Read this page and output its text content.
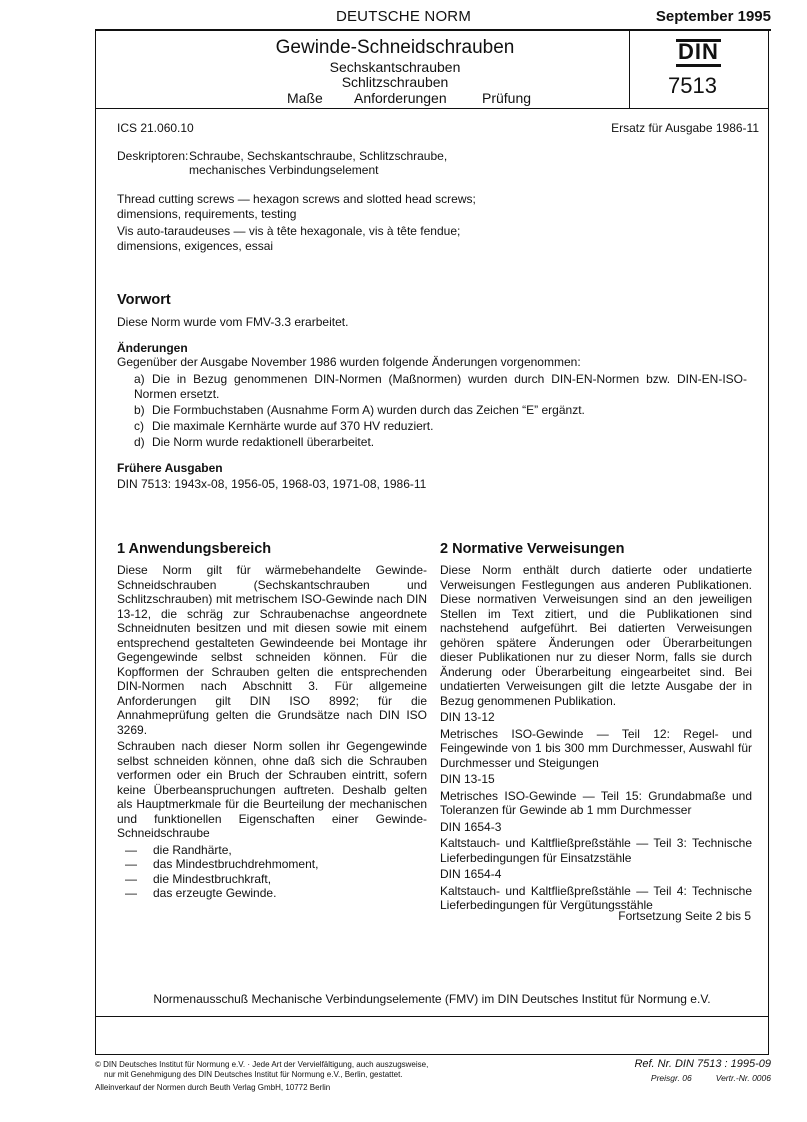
DEUTSCHE NORM	September 1995
Gewinde-Schneidschrauben
Sechskantschrauben
Schlitzschrauben
Maße Anforderungen	Prüfung
DIN
7513
ICS 21.060.10	Ersatz für Ausgabe 1986-11
Deskriptoren: Schraube, Sechskantschraube, Schlitzschraube,
mechanisches Verbindungselement
Thread cutting screws — hexagon screws and slotted head screws;
dimensions, requirements, testing
Vis auto-taraudeuses — vis à tête hexagonale, vis à tête fendue;
dimensions, exigences, essai
Vorwort
Diese Norm wurde vom FMV-3.3 erarbeitet.
Änderungen
Gegenüber der Ausgabe November 1986 wurden folgende Änderungen vorgenommen:
a) Die in Bezug genommenen DIN-Normen (Maßnormen) wurden durch DIN-EN-Normen bzw. DIN-EN-ISO-
Normen ersetzt.
b) Die Formbuchstaben (Ausnahme Form A) wurden durch das Zeichen “E” ergänzt.
c) Die maximale Kernhärte wurde auf 370 HV reduziert.
d) Die Norm wurde redaktionell überarbeitet.
Frühere Ausgaben
DIN 7513: 1943x-08, 1956-05, 1968-03, 1971-08, 1986-11
1 Anwendungsbereich

Diese Norm gilt für wärmebehandelte Gewinde-Schneidschrauben (Sechskantschrauben und Schlitzschrauben) mit metrischem ISO-Gewinde nach DIN 13-12, die schräg zur Schraubenachse angeordnete Schneidnuten besitzen und mit diesen sowie mit einem entsprechend gestalteten Gewindeende bei Montage ihr Gegengewinde selbst schneiden können. Für die Kopfformen der Schrauben gelten die entsprechenden DIN-Normen nach Abschnitt 3. Für allgemeine Anforderungen gilt DIN ISO 8992; für die Annahmeprüfung gelten die Grundsätze nach DIN ISO 3269.

Schrauben nach dieser Norm sollen ihr Gegengewinde selbst schneiden können, ohne daß sich die Schrauben verformen oder ein Bruch der Schrauben eintritt, sofern keine Überbeanspruchungen auftreten. Deshalb gelten als Hauptmerkmale für die Beurteilung der mechanischen und funktionellen Eigenschaften einer Gewinde-Schneidschraube

—	die Randhärte,
—	das Mindestbruchdrehmoment,
—	die Mindestbruchkraft,
—	das erzeugte Gewinde.
2 Normative Verweisungen

Diese Norm enthält durch datierte oder undatierte Verweisungen Festlegungen aus anderen Publikationen. Diese normativen Verweisungen sind an den jeweiligen Stellen im Text zitiert, und die Publikationen sind nachstehend aufgeführt. Bei datierten Verweisungen gehören spätere Änderungen oder Überarbeitungen dieser Publikationen nur zu dieser Norm, falls sie durch Änderung oder Überarbeitung eingearbeitet sind. Bei undatierten Verweisungen gilt die letzte Ausgabe der in Bezug genommenen Publikation.

DIN 13-12

Metrisches ISO-Gewinde — Teil 12: Regel- und Feingewinde von 1 bis 300 mm Durchmesser, Auswahl für Durchmesser und Steigungen

DIN 13-15

Metrisches ISO-Gewinde — Teil 15: Grundabmaße und Toleranzen für Gewinde ab 1 mm Durchmesser

DIN 1654-3

Kaltstauch- und Kaltfließpreßstähle — Teil 3: Technische Lieferbedingungen für Einsatzstähle

DIN 1654-4

Kaltstauch- und Kaltfließpreßstähle — Teil 4: Technische Lieferbedingungen für Vergütungsstähle

Fortsetzung Seite 2 bis 5
Normenausschuß Mechanische Verbindungselemente (FMV) im DIN Deutsches Institut für Normung e.V.
© DIN Deutsches Institut für Normung e.V. · Jede Art der Vervielfältigung, auch auszugsweise,
nur mit Genehmigung des DIN Deutsches Institut für Normung e.V., Berlin, gestattet.
Alleinverkauf der Normen durch Beuth Verlag GmbH, 10772 Berlin
Ref. Nr. DIN 7513 : 1995-09
Preisgr. 06	Vertr.-Nr. 0006
